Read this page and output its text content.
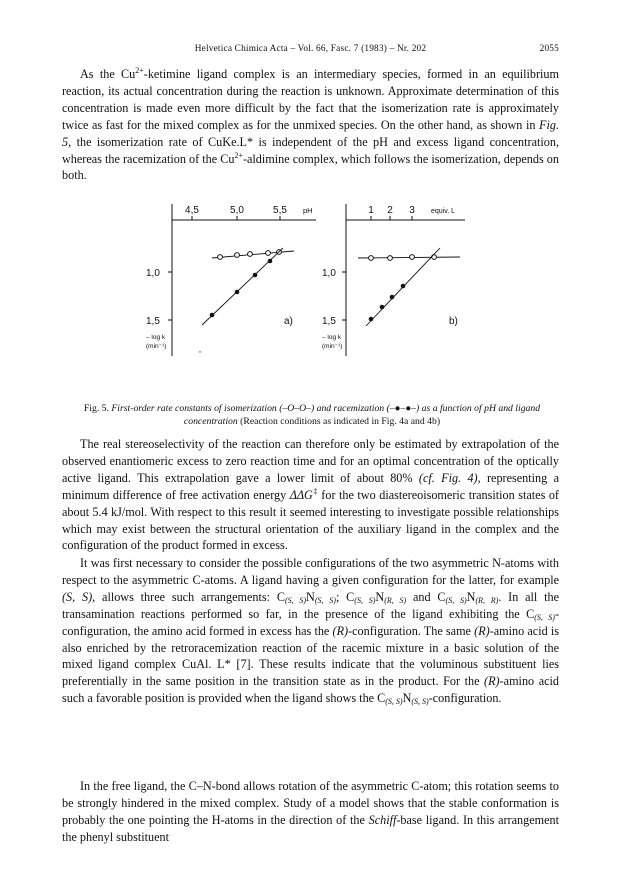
Helvetica Chimica Acta – Vol. 66, Fasc. 7 (1983) – Nr. 202	2055

As the $Cu^{2+}$-ketimine ligand complex is an intermediary species, formed in an equilibrium reaction, its actual concentration during the reaction is unknown. Approximate determination of this concentration is made even more difficult by the fact that the isomerization rate is approximately twice as fast for the mixed complex as for the unmixed species. On the other hand, as shown in Fig. 5, the isomerization rate of CuKe.L* is independent of the pH and excess ligand concentration, whereas the racemization of the $Cu^{2+}$-aldimine complex, which follows the isomerization, depends on both.

4,5	5,0	5,5 pH
1,0
1,5
– log k
(min⁻¹)
a)
1 2 3 equiv. L
1,0
1,5
– log k
(min⁻¹)
b)
Fig. 5. First-order rate constants of isomerization (–O–O–) and racemization (–●–●–) as a function of pH and ligand concentration (Reaction conditions as indicated in Fig. 4a and 4b)

The real stereoselectivity of the reaction can therefore only be estimated by extrapolation of the observed enantiomeric excess to zero reaction time and for an optimal concentration of the optically active ligand. This extrapolation gave a lower limit of about 80% (cf. Fig. 4), representing a minimum difference of free activation energy ΔΔG‡ for the two diastereoisomeric transition states of about 5.4 kJ/mol. With respect to this result it seemed interesting to investigate possible relationships which may exist between the structural orientation of the auxiliary ligand in the complex and the configuration of the product formed in excess.

It was first necessary to consider the possible configurations of the two asymmetric N-atoms with respect to the asymmetric C-atoms. A ligand having a given configuration for the latter, for example (S, S), allows three such arrangements: $C_{(S, S)}N_{(S, S)}$; $C_{(S, S)}N_{(R, S)}$ and $C_{(S, S)}N_{(R, R)}$. In all the transamination reactions performed so far, in the presence of the ligand exhibiting the $C_{(S, S)}$-configuration, the amino acid formed in excess has the (R)-configuration. The same (R)-amino acid is also enriched by the retroracemization reaction of the racemic mixture in a basic solution of the mixed ligand complex CuAl. L* [7]. These results indicate that the voluminous substituent lies preferentially in the same position in the transition state as in the product. For the (R)-amino acid such a favorable position is provided when the ligand shows the $C_{(S, S)}N_{(S, S)}$-configuration.

In the free ligand, the C–N-bond allows rotation of the asymmetric C-atom; this rotation seems to be strongly hindered in the mixed complex. Study of a model shows that the stable conformation is probably the one pointing the H-atoms in the direction of the Schiff-base ligand. In this arrangement the phenyl substituent
